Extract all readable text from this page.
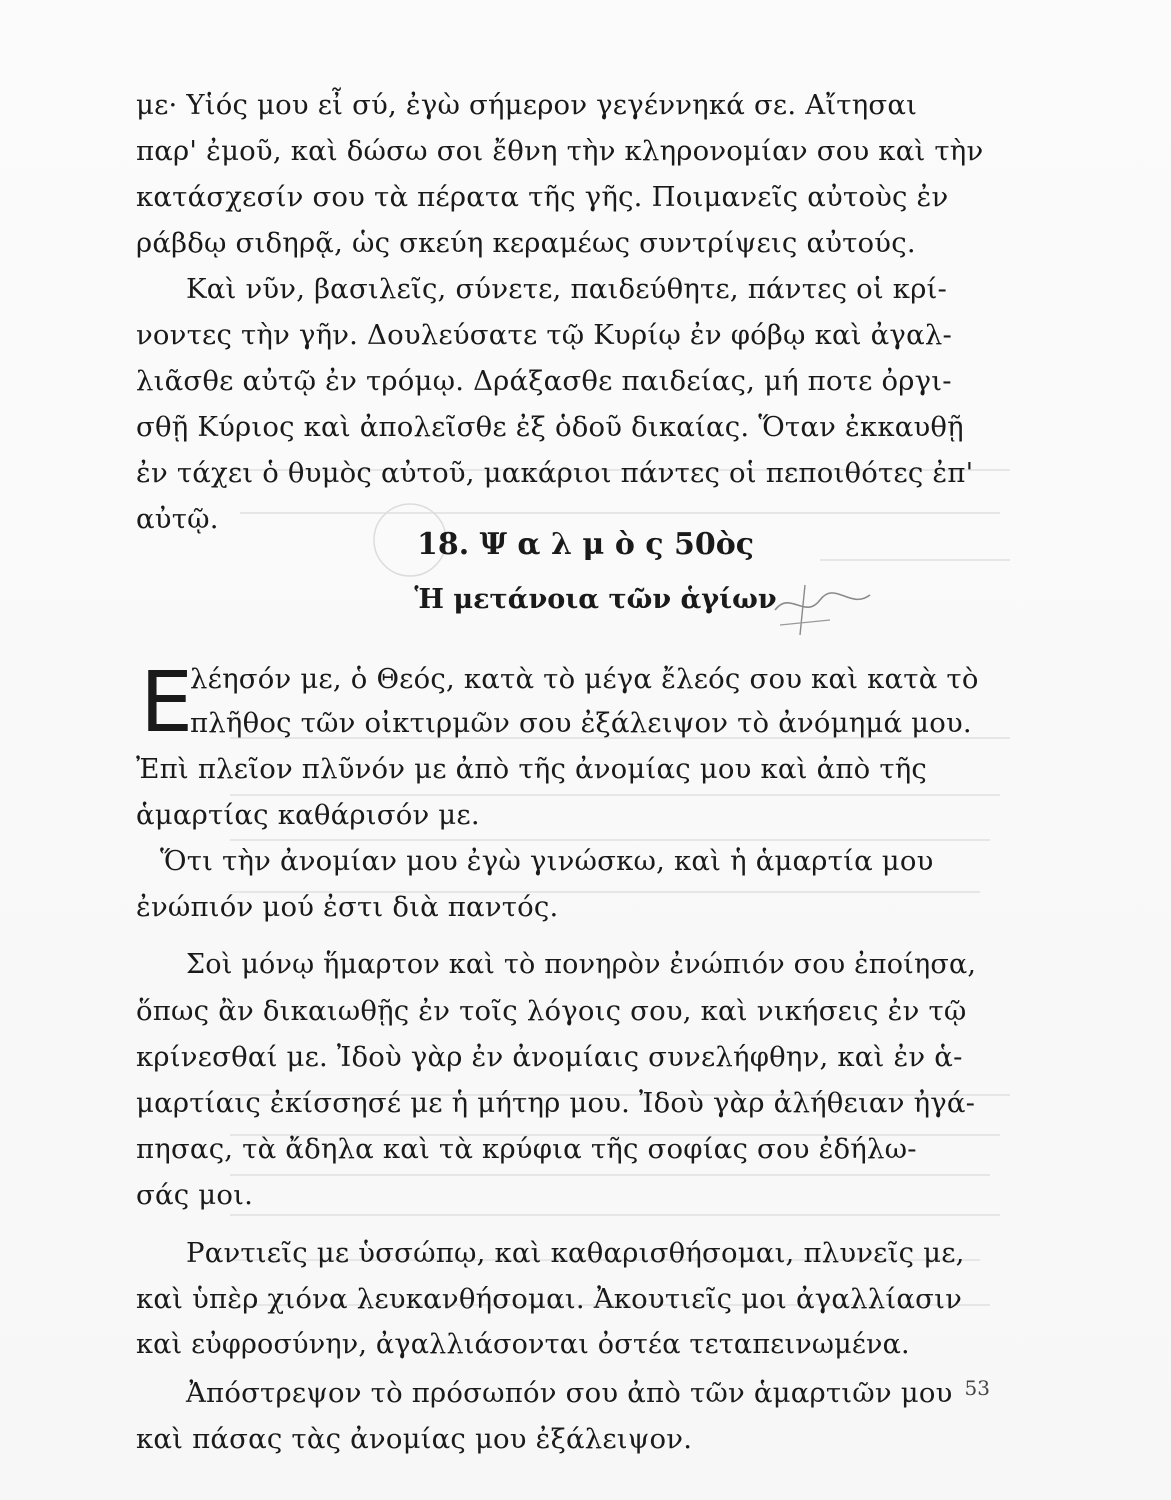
με· Υἱός μου εἶ σύ, ἐγὼ σήμερον γεγέννηκά σε. Αἴτησαι
παρ' ἐμοῦ, καὶ δώσω σοι ἔθνη τὴν κληρονομίαν σου καὶ τὴν
κατάσχεσίν σου τὰ πέρατα τῆς γῆς. Ποιμανεῖς αὐτοὺς ἐν
ράβδῳ σιδηρᾷ, ὡς σκεύη κεραμέως συντρίψεις αὐτούς.
Καὶ νῦν, βασιλεῖς, σύνετε, παιδεύθητε, πάντες οἱ κρί-
νοντες τὴν γῆν. Δουλεύσατε τῷ Κυρίῳ ἐν φόβῳ καὶ ἀγαλ-
λιᾶσθε αὐτῷ ἐν τρόμῳ. Δράξασθε παιδείας, μή ποτε ὀργι-
σθῇ Κύριος καὶ ἀπολεῖσθε ἐξ ὁδοῦ δικαίας. Ὅταν ἐκκαυθῇ
ἐν τάχει ὁ θυμὸς αὐτοῦ, μακάριοι πάντες οἱ πεποιθότες ἐπ'
αὐτῷ.
18. Ψ α λ μ ὸ ς 50ὸς
Ἡ μετάνοια τῶν ἁγίων
Ε
λέησόν με, ὁ Θεός, κατὰ τὸ μέγα ἔλεός σου καὶ κατὰ τὸ
πλῆθος τῶν οἰκτιρμῶν σου ἐξάλειψον τὸ ἀνόμημά μου.
Ἐπὶ πλεῖον πλῦνόν με ἀπὸ τῆς ἀνομίας μου καὶ ἀπὸ τῆς
ἁμαρτίας καθάρισόν με.
Ὅτι τὴν ἀνομίαν μου ἐγὼ γινώσκω, καὶ ἡ ἁμαρτία μου
ἐνώπιόν μού ἐστι διὰ παντός.
Σοὶ μόνῳ ἥμαρτον καὶ τὸ πονηρὸν ἐνώπιόν σου ἐποίησα,
ὅπως ἂν δικαιωθῇς ἐν τοῖς λόγοις σου, καὶ νικήσεις ἐν τῷ
κρίνεσθαί με. Ἰδοὺ γὰρ ἐν ἀνομίαις συνελήφθην, καὶ ἐν ἁ-
μαρτίαις ἐκίσσησέ με ἡ μήτηρ μου. Ἰδοὺ γὰρ ἀλήθειαν ἠγά-
πησας, τὰ ἄδηλα καὶ τὰ κρύφια τῆς σοφίας σου ἐδήλω-
σάς μοι.
Ραντιεῖς με ὑσσώπῳ, καὶ καθαρισθήσομαι, πλυνεῖς με,
καὶ ὑπὲρ χιόνα λευκανθήσομαι. Ἀκουτιεῖς μοι ἀγαλλίασιν
καὶ εὐφροσύνην, ἀγαλλιάσονται ὀστέα τεταπεινωμένα.
Ἀπόστρεψον τὸ πρόσωπόν σου ἀπὸ τῶν ἁμαρτιῶν μου
καὶ πάσας τὰς ἀνομίας μου ἐξάλειψον.
53
